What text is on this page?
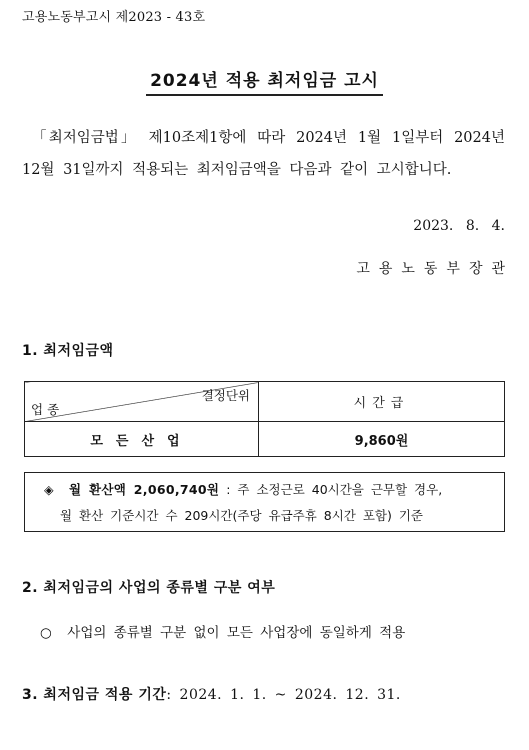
고용노동부고시 제2023 - 43호
2024년 적용 최저임금 고시
「최저임금법」 제10조제1항에 따라 2024년 1월 1일부터 2024년 12월 31일까지 적용되는 최저임금액을 다음과 같이 고시합니다.
2023. 8. 4.
고용노동부장관
1. 최저임금액
결정단위
업종	시간급
모든산업	9,860원
◈ 월 환산액 2,060,740원 : 주 소정근로 40시간을 근무할 경우,
월 환산 기준시간 수 209시간(주당 유급주휴 8시간 포함) 기준
2. 최저임금의 사업의 종류별 구분 여부
○ 사업의 종류별 구분 없이 모든 사업장에 동일하게 적용
3. 최저임금 적용 기간: 2024. 1. 1. ~ 2024. 12. 31.
